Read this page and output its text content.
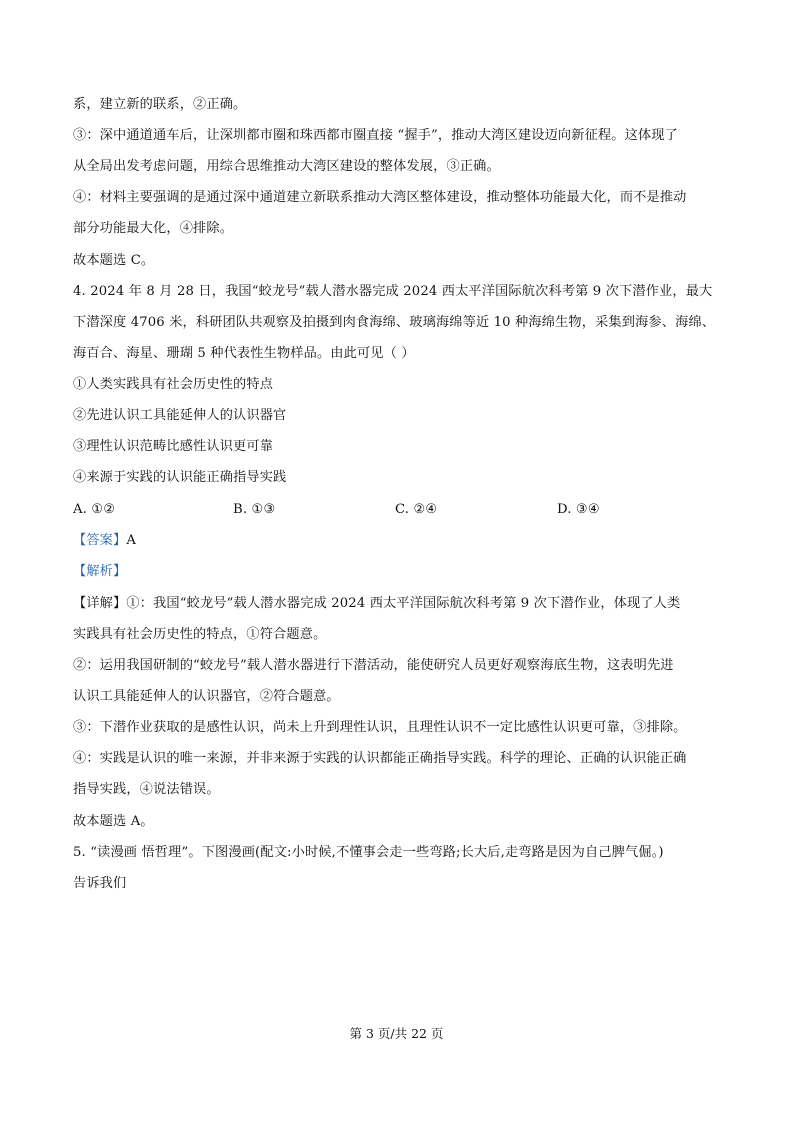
系，建立新的联系，②正确。
③：深中通道通车后，让深圳都市圈和珠西都市圈直接 “握手”，推动大湾区建设迈向新征程。这体现了
从全局出发考虑问题，用综合思维推动大湾区建设的整体发展，③正确。
④：材料主要强调的是通过深中通道建立新联系推动大湾区整体建设，推动整体功能最大化，而不是推动
部分功能最大化，④排除。
故本题选 C。
4. 2024 年 8 月 28 日，我国“蛟龙号”载人潜水器完成 2024 西太平洋国际航次科考第 9 次下潜作业，最大
下潜深度 4706 米，科研团队共观察及拍摄到肉食海绵、玻璃海绵等近 10 种海绵生物，采集到海参、海绵、
海百合、海星、珊瑚 5 种代表性生物样品。由此可见（ ）
①人类实践具有社会历史性的特点
②先进认识工具能延伸人的认识器官
③理性认识范畴比感性认识更可靠
④来源于实践的认识能正确指导实践
A. ①②	B. ①③	C. ②④	D. ③④
【答案】A
【解析】
【详解】①：我国“蛟龙号”载人潜水器完成 2024 西太平洋国际航次科考第 9 次下潜作业，体现了人类
实践具有社会历史性的特点，①符合题意。
②：运用我国研制的“蛟龙号”载人潜水器进行下潜活动，能使研究人员更好观察海底生物，这表明先进
认识工具能延伸人的认识器官，②符合题意。
③：下潜作业获取的是感性认识，尚未上升到理性认识，且理性认识不一定比感性认识更可靠，③排除。
④：实践是认识的唯一来源，并非来源于实践的认识都能正确指导实践。科学的理论、正确的认识能正确
指导实践，④说法错误。
故本题选 A。
5. “读漫画 悟哲理”。下图漫画(配文:小时候,不懂事会走一些弯路;长大后,走弯路是因为自己脾气倔。)
告诉我们
第 3 页/共 22 页
